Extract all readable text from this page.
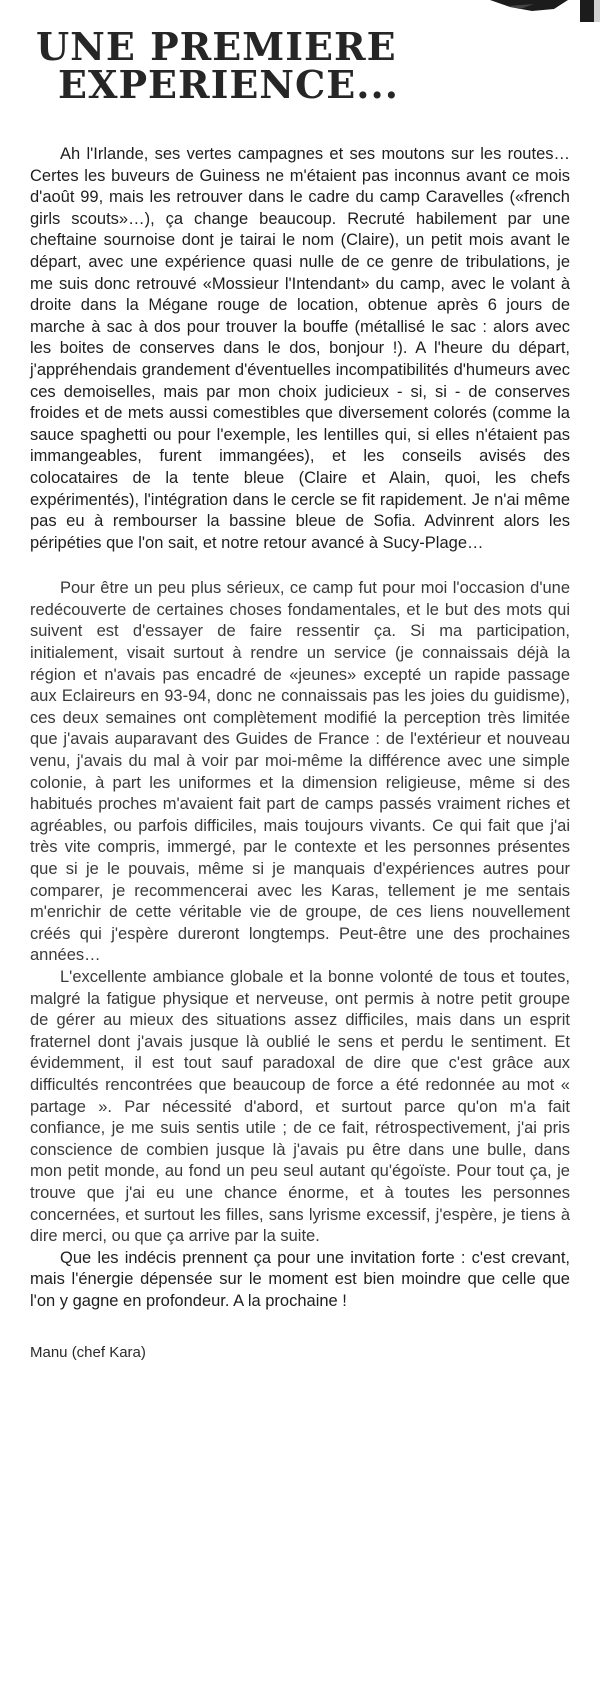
UNE PREMIERE
EXPERIENCE...

Ah l'Irlande, ses vertes campagnes et ses moutons sur les routes… Certes les buveurs de Guiness ne m'étaient pas inconnus avant ce mois d'août 99, mais les retrouver dans le cadre du camp Caravelles («french girls scouts»…), ça change beaucoup. Recruté habilement par une cheftaine sournoise dont je tairai le nom (Claire), un petit mois avant le départ, avec une expérience quasi nulle de ce genre de tribulations, je me suis donc retrouvé «Mossieur l'Intendant» du camp, avec le volant à droite dans la Mégane rouge de location, obtenue après 6 jours de marche à sac à dos pour trouver la bouffe (métallisé le sac : alors avec les boites de conserves dans le dos, bonjour !). A l'heure du départ, j'appréhendais grandement d'éventuelles incompatibilités d'humeurs avec ces demoiselles, mais par mon choix judicieux - si, si - de conserves froides et de mets aussi comestibles que diversement colorés (comme la sauce spaghetti ou pour l'exemple, les lentilles qui, si elles n'étaient pas immangeables, furent immangées), et les conseils avisés des colocataires de la tente bleue (Claire et Alain, quoi, les chefs expérimentés), l'intégration dans le cercle se fit rapidement. Je n'ai même pas eu à rembourser la bassine bleue de Sofia. Advinrent alors les péripéties que l'on sait, et notre retour avancé à Sucy-Plage…

Pour être un peu plus sérieux, ce camp fut pour moi l'occasion d'une redécouverte de certaines choses fondamentales, et le but des mots qui suivent est d'essayer de faire ressentir ça. Si ma participation, initialement, visait surtout à rendre un service (je connaissais déjà la région et n'avais pas encadré de «jeunes» excepté un rapide passage aux Eclaireurs en 93-94, donc ne connaissais pas les joies du guidisme), ces deux semaines ont complètement modifié la perception très limitée que j'avais auparavant des Guides de France : de l'extérieur et nouveau venu, j'avais du mal à voir par moi-même la différence avec une simple colonie, à part les uniformes et la dimension religieuse, même si des habitués proches m'avaient fait part de camps passés vraiment riches et agréables, ou parfois difficiles, mais toujours vivants. Ce qui fait que j'ai très vite compris, immergé, par le contexte et les personnes présentes que si je le pouvais, même si je manquais d'expériences autres pour comparer, je recommencerai avec les Karas, tellement je me sentais m'enrichir de cette véritable vie de groupe, de ces liens nouvellement créés qui j'espère dureront longtemps. Peut-être une des prochaines années…

L'excellente ambiance globale et la bonne volonté de tous et toutes, malgré la fatigue physique et nerveuse, ont permis à notre petit groupe de gérer au mieux des situations assez difficiles, mais dans un esprit fraternel dont j'avais jusque là oublié le sens et perdu le sentiment. Et évidemment, il est tout sauf paradoxal de dire que c'est grâce aux difficultés rencontrées que beaucoup de force a été redonnée au mot « partage ». Par nécessité d'abord, et surtout parce qu'on m'a fait confiance, je me suis sentis utile ; de ce fait, rétrospectivement, j'ai pris conscience de combien jusque là j'avais pu être dans une bulle, dans mon petit monde, au fond un peu seul autant qu'égoïste. Pour tout ça, je trouve que j'ai eu une chance énorme, et à toutes les personnes concernées, et surtout les filles, sans lyrisme excessif, j'espère, je tiens à dire merci, ou que ça arrive par la suite.

Que les indécis prennent ça pour une invitation forte : c'est crevant, mais l'énergie dépensée sur le moment est bien moindre que celle que l'on y gagne en profondeur. A la prochaine !

Manu (chef Kara)
